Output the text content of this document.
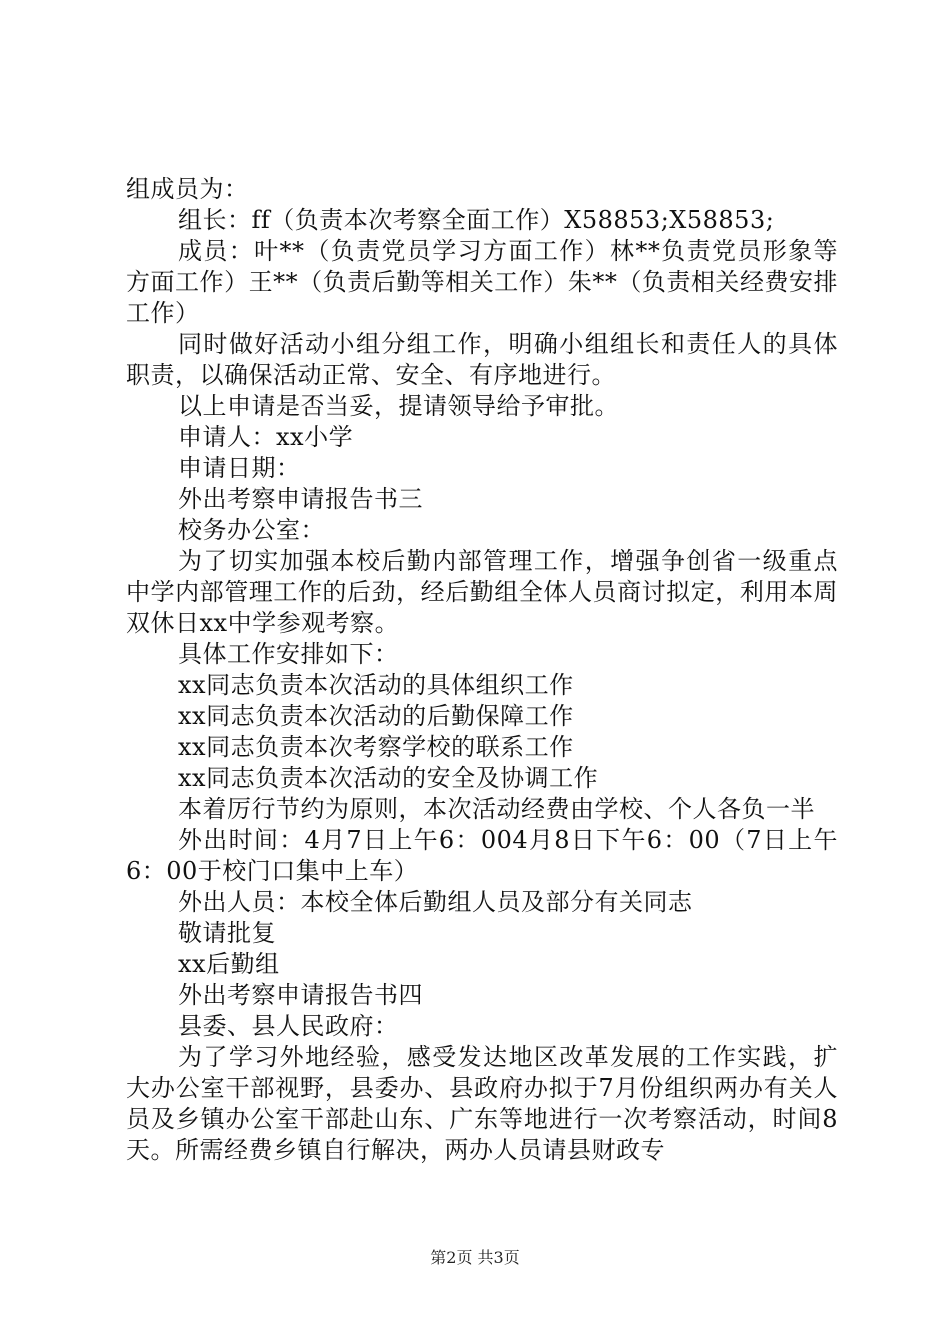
组成员为：

组长：ff（负责本次考察全面工作）X58853;X58853;

成员：叶**（负责党员学习方面工作）林**负责党员形象等方面工作）王**（负责后勤等相关工作）朱**（负责相关经费安排工作）

同时做好活动小组分组工作，明确小组组长和责任人的具体职责，以确保活动正常、安全、有序地进行。

以上申请是否当妥，提请领导给予审批。

申请人：xx小学

申请日期：

外出考察申请报告书三

校务办公室：

为了切实加强本校后勤内部管理工作，增强争创省一级重点中学内部管理工作的后劲，经后勤组全体人员商讨拟定，利用本周双休日xx中学参观考察。

具体工作安排如下：

xx同志负责本次活动的具体组织工作

xx同志负责本次活动的后勤保障工作

xx同志负责本次考察学校的联系工作

xx同志负责本次活动的安全及协调工作

本着厉行节约为原则，本次活动经费由学校、个人各负一半

外出时间：4月7日上午6：004月8日下午6：00（7日上午6：00于校门口集中上车）

外出人员：本校全体后勤组人员及部分有关同志

敬请批复

xx后勤组

外出考察申请报告书四

县委、县人民政府：

为了学习外地经验，感受发达地区改革发展的工作实践，扩大办公室干部视野，县委办、县政府办拟于7月份组织两办有关人员及乡镇办公室干部赴山东、广东等地进行一次考察活动，时间8天。所需经费乡镇自行解决，两办人员请县财政专

第2页 共3页
